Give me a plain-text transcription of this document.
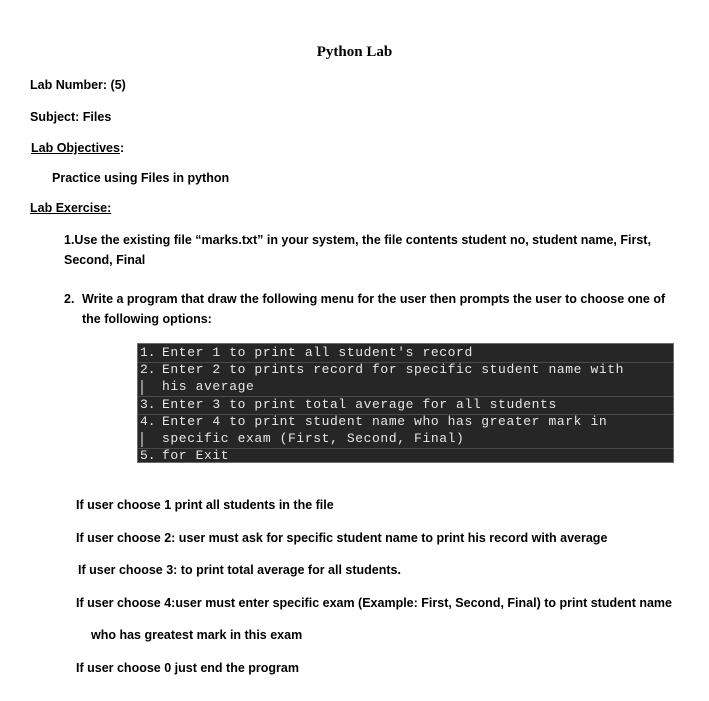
Python Lab
Lab Number: (5)
Subject: Files
Lab Objectives:
Practice using Files in python
Lab Exercise:
1.Use the existing file “marks.txt” in your system, the file contents student no, student name, First,
Second, Final
2. Write a program that draw the following menu for the user then prompts the user to choose one of
the following options:
1. Enter 1 to print all student's record
2. Enter 2 to prints record for specific student name with
his average
3. Enter 3 to print total average for all students
4. Enter 4 to print student name who has greater mark in
specific exam (First, Second, Final)
5. for Exit
If user choose 1 print all students in the file
If user choose 2: user must ask for specific student name to print his record with average
If user choose 3: to print total average for all students.
If user choose 4:user must enter specific exam (Example: First, Second, Final) to print student name
who has greatest mark in this exam
If user choose 0 just end the program
